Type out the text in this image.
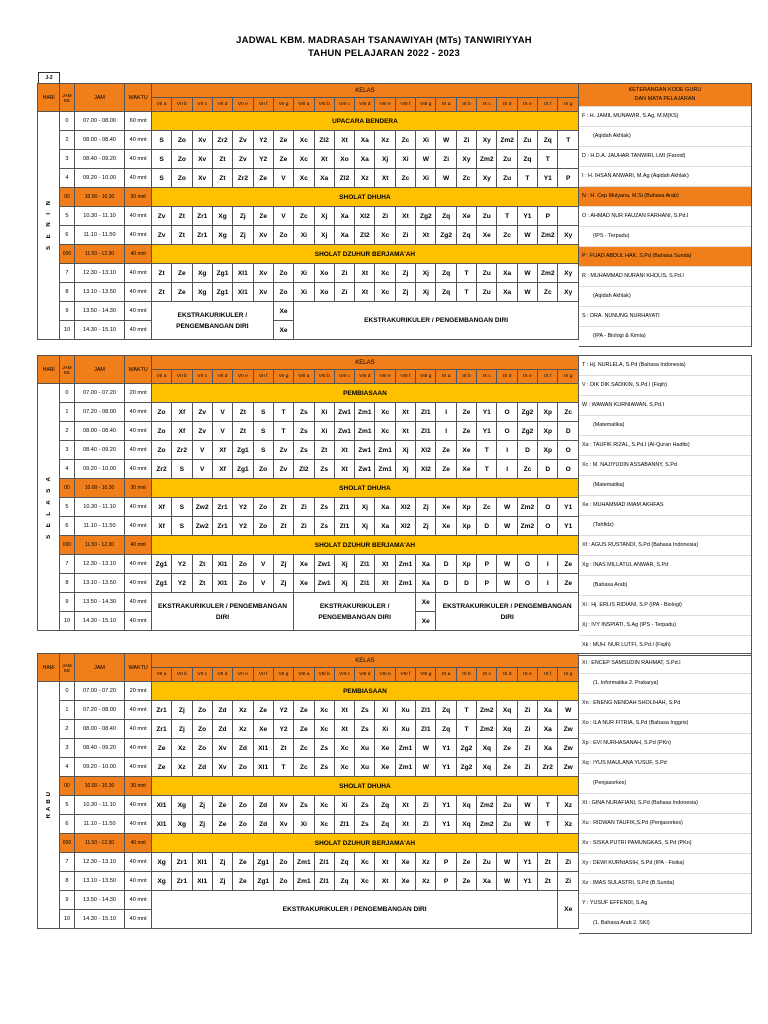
JADWAL KBM. MADRASAH TSANAWIYAH (MTs) TANWIRIYYAH
TAHUN PELAJARAN 2022 - 2023
J-2
HARI	JAM KE	JAM	WAKTU	KELAS																				
				VII a	VII b	VII c	VII d	VII e	VII f	VII g	VIII a	VIII b	VIII c	VIII d	VIII e	VIII f	VIII g	IX a	IX b	IX c	IX d	IX e	IX f	IX g
S E N I N	0	07.00 - 08.00	60 mnt	UPACARA BENDERA																				
	2	08.00 - 08.40	40 mnt	S	Zo	Xv	Zr2	Zv	Y2	Ze	Xc	Zl2	Xt	Xa	Xz	Zc	Xi	W	Zi	Xy	Zm2	Zu	Zq	T
	3	08.40 - 09.20	40 mnt	S	Zo	Xv	Zt	Zv	Y2	Ze	Xc	Xt	Xo	Xa	Xj	Xi	W	Zi	Xy	Zm2	Zu	Zq	T	
	4	09.20 - 10.00	40 mnt	S	Zo	Xv	Zt	Zr2	Ze	V	Xc	Xa	Zl2	Xz	Xt	Zc	Xi	W	Zc	Xy	Zu	T	Y1	P
	00	10.00 - 10.30	30 mnt	SHOLAT DHUHA																				
	5	10.30 - 11.10	40 mnt	Zv	Zt	Zr1	Xg	Zj	Ze	V	Zc	Xj	Xa	Xl2	Zi	Xt	Zg2	Zq	Xe	Zu	T	Y1	P	
	6	11.10 - 11.50	40 mnt	Zv	Zt	Zr1	Xg	Zj	Xv	Zo	Xi	Xj	Xa	Zl2	Xc	Zi	Xt	Zg2	Zq	Xe	Zc	W	Zm2	Xy
	000	11.50 - 12.30	40 mnt	SHOLAT DZUHUR BERJAMA'AH																				
	7	12.30 - 13.10	40 mnt	Zt	Ze	Xg	Zg1	Xl1	Xv	Zo	Xi	Xo	Zi	Xt	Xc	Zj	Xj	Zq	T	Zu	Xa	W	Zm2	Xy
	8	13.10 - 13.50	40 mnt	Zt	Ze	Xg	Zg1	Xl1	Xv	Zo	Xi	Xo	Zi	Xt	Xc	Zj	Xj	Zq	T	Zu	Xa	W	Zc	Xy
	9	13.50 - 14.30	40 mnt	EKSTRAKURIKULER / PENGEMBANGAN DIRI						Xe	EKSTRAKURIKULER / PENGEMBANGAN DIRI													
	10	14.30 - 15.10	40 mnt							Xe														
KETERANGAN KODE GURU
DAN MATA PELAJARAN
F : H. JAMIL MUNAWIR, S.Ag, M.M(KS)
(Aqidah Akhlak)
D : H.D.A. JAUHAR TANWIRI, LMI (Faroid)
I : H. IHSAN ANWARI, M.Ag (Aqidah Akhlak)
N : H. Cep Mulyana, M.Si (Bahasa Arab)
O : AHMAD NUR FAUZAN FARHANI, S.Pd.I
(IPS - Terpadu)
P : FUAD ABDUL HAK, S.Pd (Bahasa Sunda)
R : MUHAMMAD NURANI KHOLIS, S.Pd.I
(Aqidah Akhlak)
S : DRA. NUNUNG NURHAYATI
(IPA - Biologi & Kimia)
HARI	JAM KE	JAM	WAKTU	KELAS																				
				VII a	VII b	VII c	VII d	VII e	VII f	VII g	VIII a	VIII b	VIII c	VIII d	VIII e	VIII f	VIII g	IX a	IX b	IX c	IX d	IX e	IX f	IX g
S E L A S A	0	07.00 - 07.20	20 mnt	PEMBIASAAN																				
	1	07.20 - 08.00	40 mnt	Zo	Xf	Zv	V	Zt	S	T	Zs	Xi	Zw1	Zm1	Xc	Xt	Zl1	I	Ze	Y1	O	Zg2	Xp	Zc
	2	08.00 - 08.40	40 mnt	Zo	Xf	Zv	V	Zt	S	T	Zs	Xi	Zw1	Zm1	Xc	Xt	Zl1	I	Ze	Y1	O	Zg2	Xp	D
	3	08.40 - 09.20	40 mnt	Zo	Zr2	V	Xf	Zg1	S	Zv	Zs	Zt	Xt	Zw1	Zm1	Xj	Xl2	Ze	Xe	T	I	D	Xp	O
	4	09.20 - 10.00	40 mnt	Zr2	S	V	Xf	Zg1	Zo	Zv	Zl2	Zs	Xt	Zw1	Zm1	Xj	Xl2	Ze	Xe	T	I	Zc	D	O
	00	10.00 - 10.30	30 mnt	SHOLAT DHUHA																				
	5	10.30 - 11.10	40 mnt	Xf	S	Zw2	Zr1	Y2	Zo	Zt	Zi	Zs	Zl1	Xj	Xa	Xl2	Zj	Xe	Xp	Zc	W	Zm2	O	Y1
	6	11.10 - 11.50	40 mnt	Xf	S	Zw2	Zr1	Y2	Zo	Zt	Zi	Zs	Zl1	Xj	Xa	Xl2	Zj	Xe	Xp	D	W	Zm2	O	Y1
	000	11.50 - 12.30	40 mnt	SHOLAT DZUHUR BERJAMA'AH																				
	7	12.30 - 13.10	40 mnt	Zg1	Y2	Zt	Xl1	Zo	V	Zj	Xe	Zw1	Xj	Zl1	Xt	Zm1	Xa	D	Xp	P	W	O	I	Ze
	8	13.10 - 13.50	40 mnt	Zg1	Y2	Zt	Xl1	Zo	V	Zj	Xe	Zw1	Xj	Zl1	Xt	Zm1	Xa	D	D	P	W	O	I	Ze
	9	13.50 - 14.30	40 mnt	EKSTRAKURIKULER / PENGEMBANGAN DIRI							EKSTRAKURIKULER / PENGEMBANGAN DIRI						Xe	EKSTRAKURIKULER / PENGEMBANGAN DIRI						
	10	14.30 - 15.10	40 mnt														Xe							
T : Hj. NURLELA, S.Pd (Bahasa Indonesia)
V : DIK DIK SADIKIN, S.Pd.I (Fiqih)
W : WAWAN KURNIAWAN, S.Pd.I
(Matematika)
Xa : TAUFIK RIZAL, S.Pd.I (Al-Quran Hadits)
Xc : M. NAJIYUDIN ASSABANNY, S.Pd
(Matematika)
Xe : MUHAMMAD IMAM AKHFAS
(Tahfidz)
Xf : AGUS RUSTANDI, S.Pd (Bahasa Indonesia)
Xg : INAS MILLATUL ANWAR, S.Pd
(Bahasa Arab)
Xi : Hj. ERLIS RIDIANI, S.P (IPA - Biologi)
Xj : IVY INSPIATI, S.Ag (IPS - Terpadu)
Xk : MUH. NUR LUTFI, S.Pd.I (Fiqih)
HARI	JAM KE	JAM	WAKTU	KELAS																				
				VII a	VII b	VII c	VII d	VII e	VII f	VII g	VIII a	VIII b	VIII c	VIII d	VIII e	VIII f	VIII g	IX a	IX b	IX c	IX d	IX e	IX f	IX g
RABU	0	07.00 - 07.20	20 mnt	PEMBIASAAN																				
	1	07.20 - 08.00	40 mnt	Zr1	Zj	Zo	Zd	Xz	Ze	Y2	Ze	Xc	Xt	Zs	Xi	Xu	Zl1	Zq	T	Zm2	Xq	Zi	Xa	W
	2	08.00 - 08.40	40 mnt	Zr1	Zj	Zo	Zd	Xz	Xe	Y2	Ze	Xc	Xt	Zs	Xi	Xu	Zl1	Zq	T	Zm2	Xq	Zi	Xa	Zw
	3	08.40 - 09.20	40 mnt	Ze	Xz	Zo	Xv	Zd	Xl1	Zt	Zc	Zs	Xc	Xu	Xe	Zm1	W	Y1	Zg2	Xq	Ze	Zi	Xa	Zw
	4	09.20 - 10.00	40 mnt	Ze	Xz	Zd	Xv	Zo	Xl1	T	Zc	Zs	Xc	Xu	Xe	Zm1	W	Y1	Zg2	Xq	Ze	Zi	Zr2	Zw
	00	10.00 - 10.30	30 mnt	SHOLAT DHUHA																				
	5	10.30 - 11.10	40 mnt	Xl1	Xg	Zj	Ze	Zo	Zd	Xv	Zs	Xc	Xi	Zs	Zq	Xt	Zi	Y1	Xq	Zm2	Zu	W	T	Xz
	6	11.10 - 11.50	40 mnt	Xl1	Xg	Zj	Ze	Zo	Zd	Xv	Xi	Xc	Zl1	Zs	Zq	Xt	Zi	Y1	Xq	Zm2	Zu	W	T	Xz
	000	11.50 - 12.30	40 mnt	SHOLAT DZUHUR BERJAMA'AH																				
	7	12.30 - 13.10	40 mnt	Xg	Zr1	Xl1	Zj	Ze	Zg1	Zo	Zm1	Zl1	Zq	Xc	Xt	Xe	Xz	P	Ze	Zu	W	Y1	Zt	Zi
	8	13.10 - 13.50	40 mnt	Xg	Zr1	Xl1	Zj	Ze	Zg1	Zo	Zm1	Zl1	Zq	Xc	Xt	Xe	Xz	P	Ze	Xa	W	Y1	Zt	Zi
	9	13.50 - 14.30	40 mnt	EKSTRAKURIKULER / PENGEMBANGAN DIRI																				Xe
	10	14.30 - 15.10	40 mnt																					
Xl : ENCEP SAMSUDIN RAHMAT, S.Pd.I
(1. Informatika 2. Prakarya)
Xn : ENENG NENDAH SHOLIHAH, S.Pd
Xo : ILA NUR FITRIA, S.Pd (Bahasa Inggris)
Xp : EVI NURHASANAH, S.Pd (PKn)
Xq : IYUS MAULANA YUSUF, S.Pd
(Penjasorkes)
Xt : GINA NURAFIANI, S.Pd (Bahasa Indonesia)
Xu : RIDWAN TAUFIK,S.Pd (Penjasorkes)
Xv : SISKA PUTRI PAMUNGKAS, S.Pd (PKn)
Xy : DEWI KURNIASIH, S.Pd (IPA - Fisika)
Xz : IMAS SULASTRI, S.Pd (B.Sunda)
Y : YUSUF EFFENDI, S.Ag
(1. Bahasa Arab 2. SKI)
